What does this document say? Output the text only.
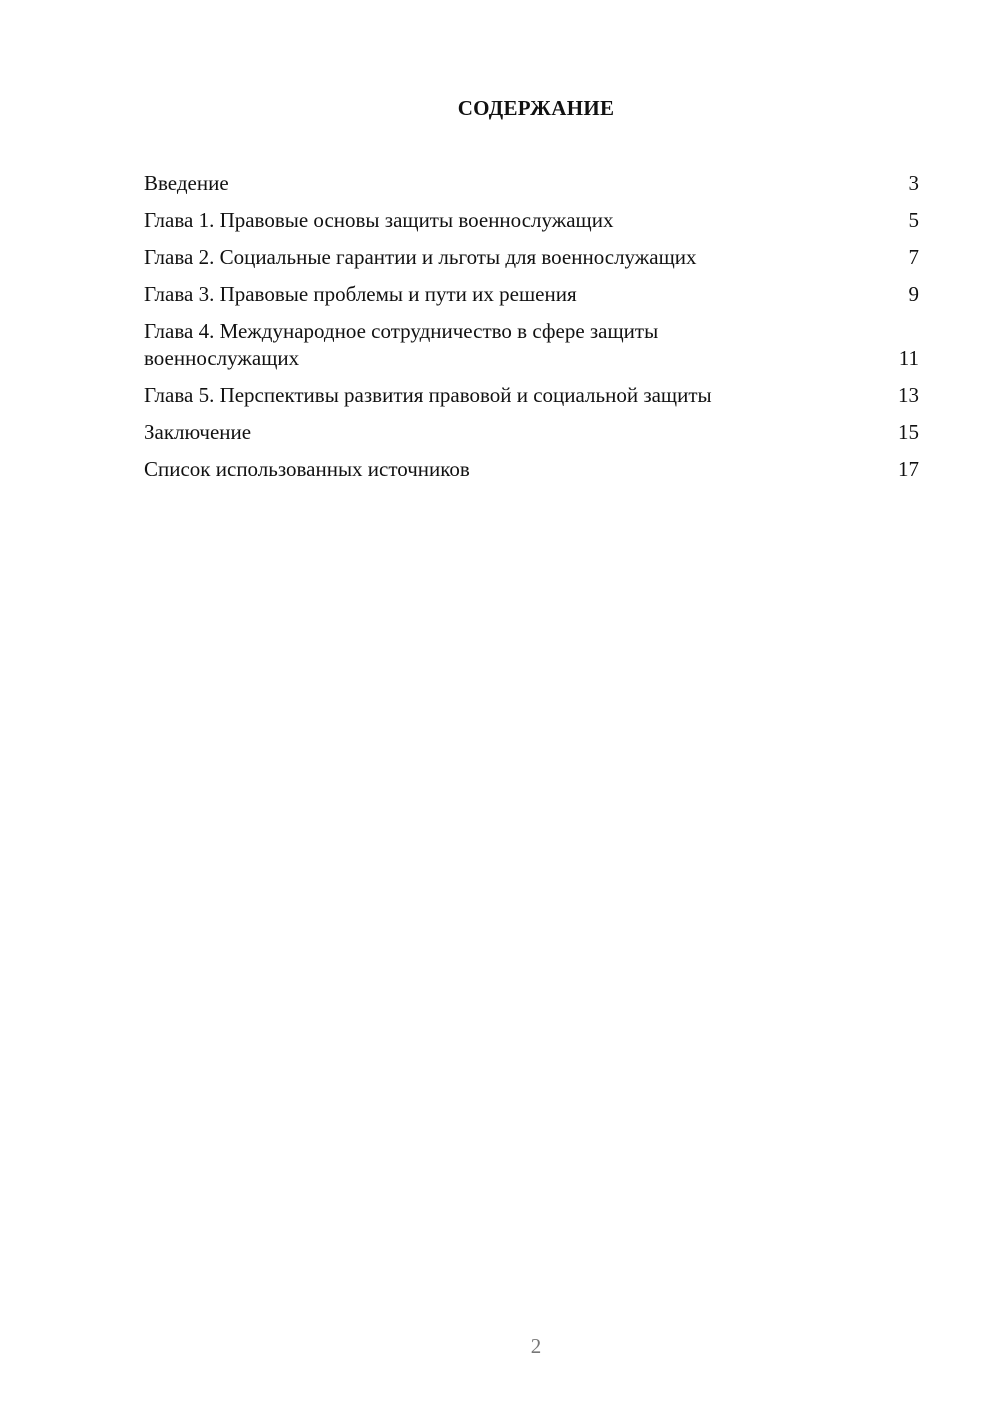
СОДЕРЖАНИЕ
Введение	3
Глава 1. Правовые основы защиты военнослужащих	5
Глава 2. Социальные гарантии и льготы для военнослужащих	7
Глава 3. Правовые проблемы и пути их решения	9
Глава 4. Международное сотрудничество в сфере защиты военнослужащих	11
Глава 5. Перспективы развития правовой и социальной защиты	13
Заключение	15
Список использованных источников	17
2
